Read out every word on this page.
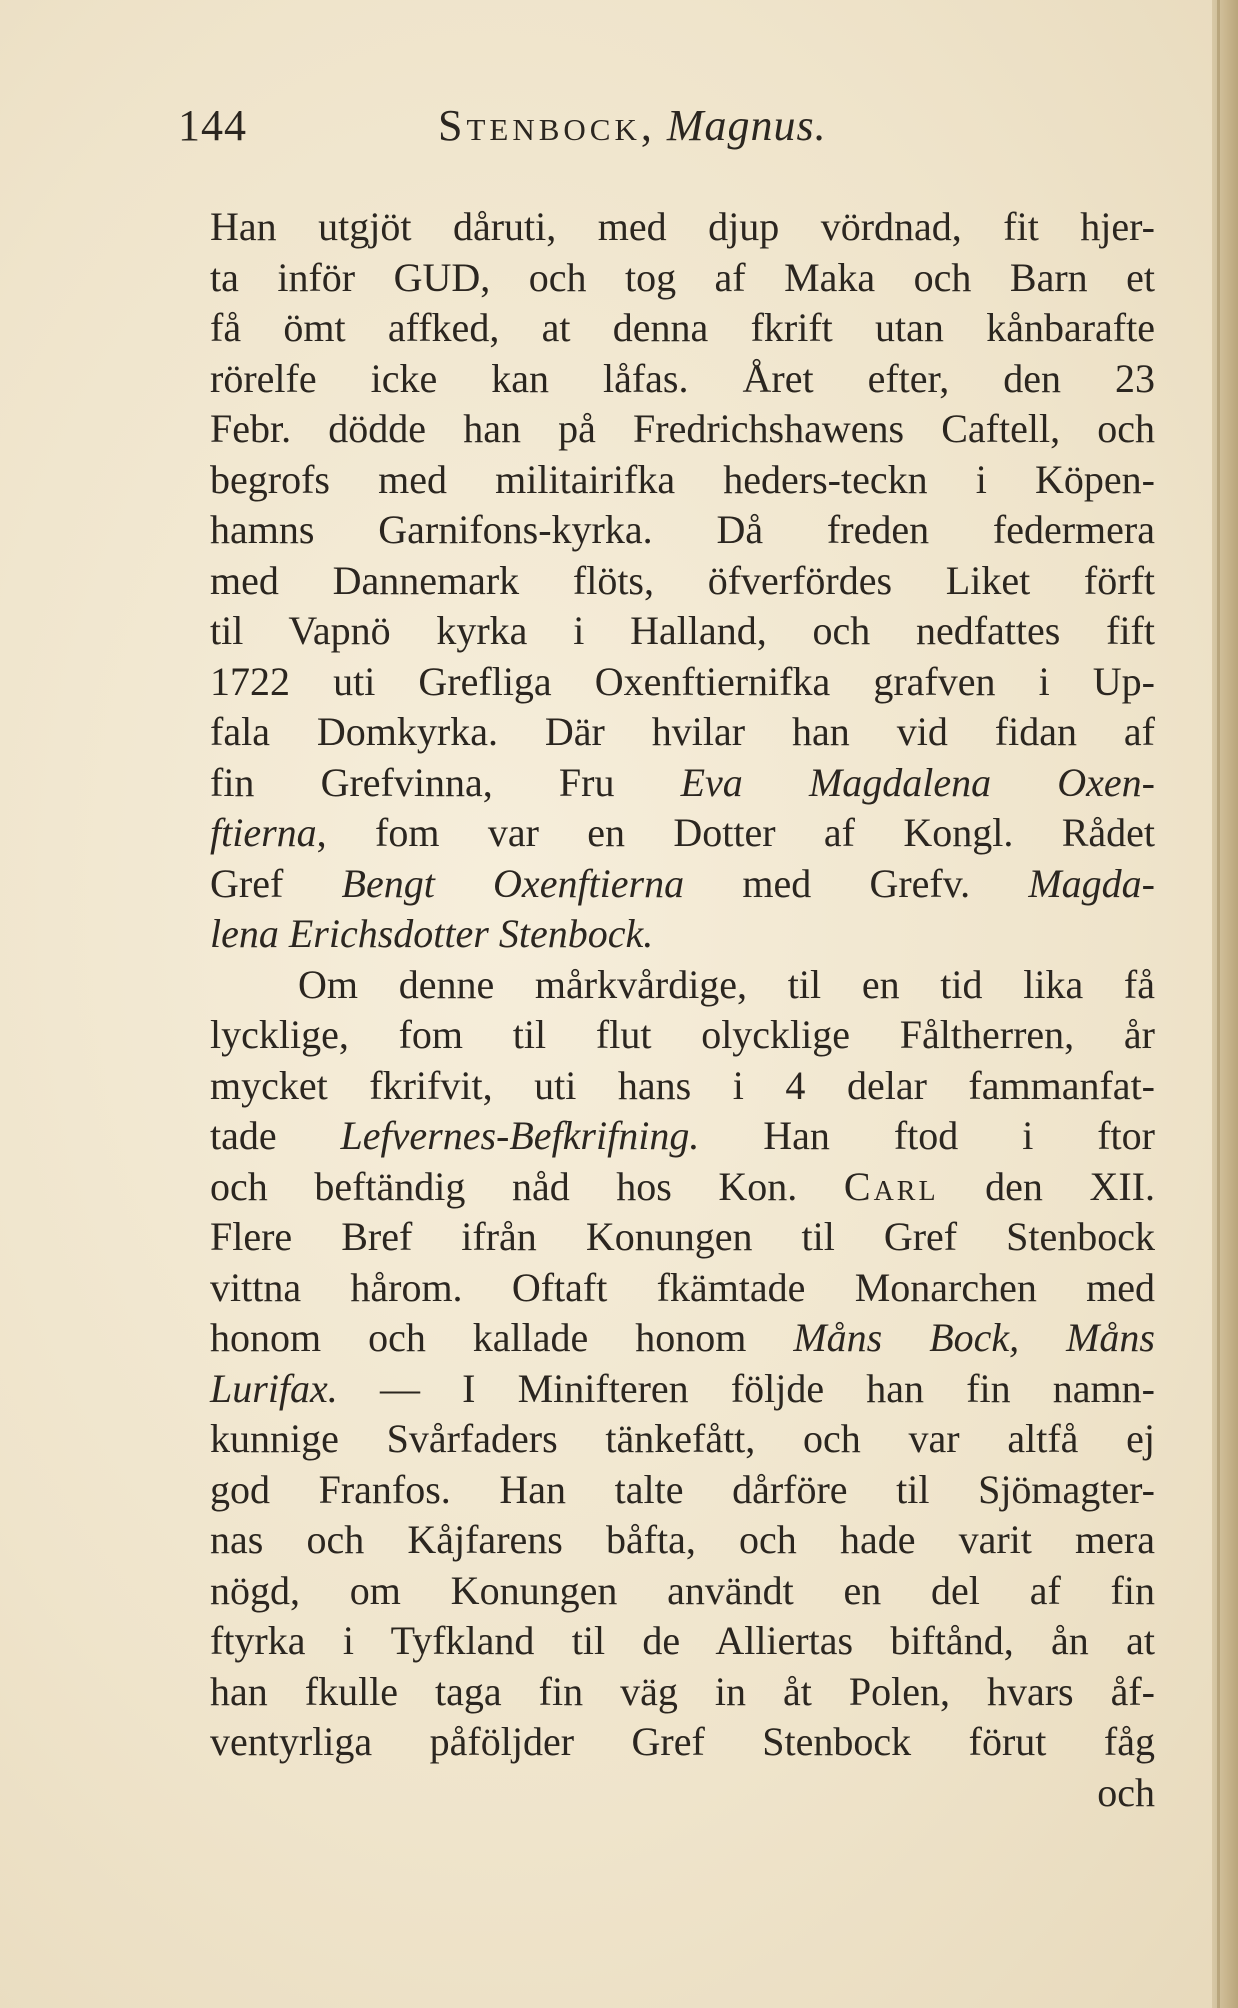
144	Stenbock, Magnus.
Han utgjöt dåruti, med djup vördnad, fit hjer-
ta inför GUD, och tog af Maka och Barn et
få ömt affked, at denna fkrift utan kånbarafte
rörelfe icke kan låfas. Året efter, den 23
Febr. dödde han på Fredrichshawens Caftell, och
begrofs med militairifka heders-teckn i Köpen-
hamns Garnifons-kyrka. Då freden federmera
med Dannemark flöts, öfverfördes Liket förft
til Vapnö kyrka i Halland, och nedfattes fift
1722 uti Grefliga Oxenftiernifka grafven i Up-
fala Domkyrka. Där hvilar han vid fidan af
fin Grefvinna, Fru Eva Magdalena Oxen-
ftierna, fom var en Dotter af Kongl. Rådet
Gref Bengt Oxenftierna med Grefv. Magda-
lena Erichsdotter Stenbock.
Om denne mårkvårdige, til en tid lika få
lycklige, fom til flut olycklige Fåltherren, år
mycket fkrifvit, uti hans i 4 delar fammanfat-
tade Lefvernes-Befkrifning. Han ftod i ftor
och beftändig nåd hos Kon. Carl den XII.
Flere Bref ifrån Konungen til Gref Stenbock
vittna hårom. Oftaft fkämtade Monarchen med
honom och kallade honom Måns Bock, Måns
Lurifax. — I Minifteren följde han fin namn-
kunnige Svårfaders tänkefått, och var altfå ej
god Franfos. Han talte dårföre til Sjömagter-
nas och Kåjfarens båfta, och hade varit mera
nögd, om Konungen användt en del af fin
ftyrka i Tyfkland til de Alliertas biftånd, ån at
han fkulle taga fin väg in åt Polen, hvars åf-
ventyrliga påföljder Gref Stenbock förut fåg
och
